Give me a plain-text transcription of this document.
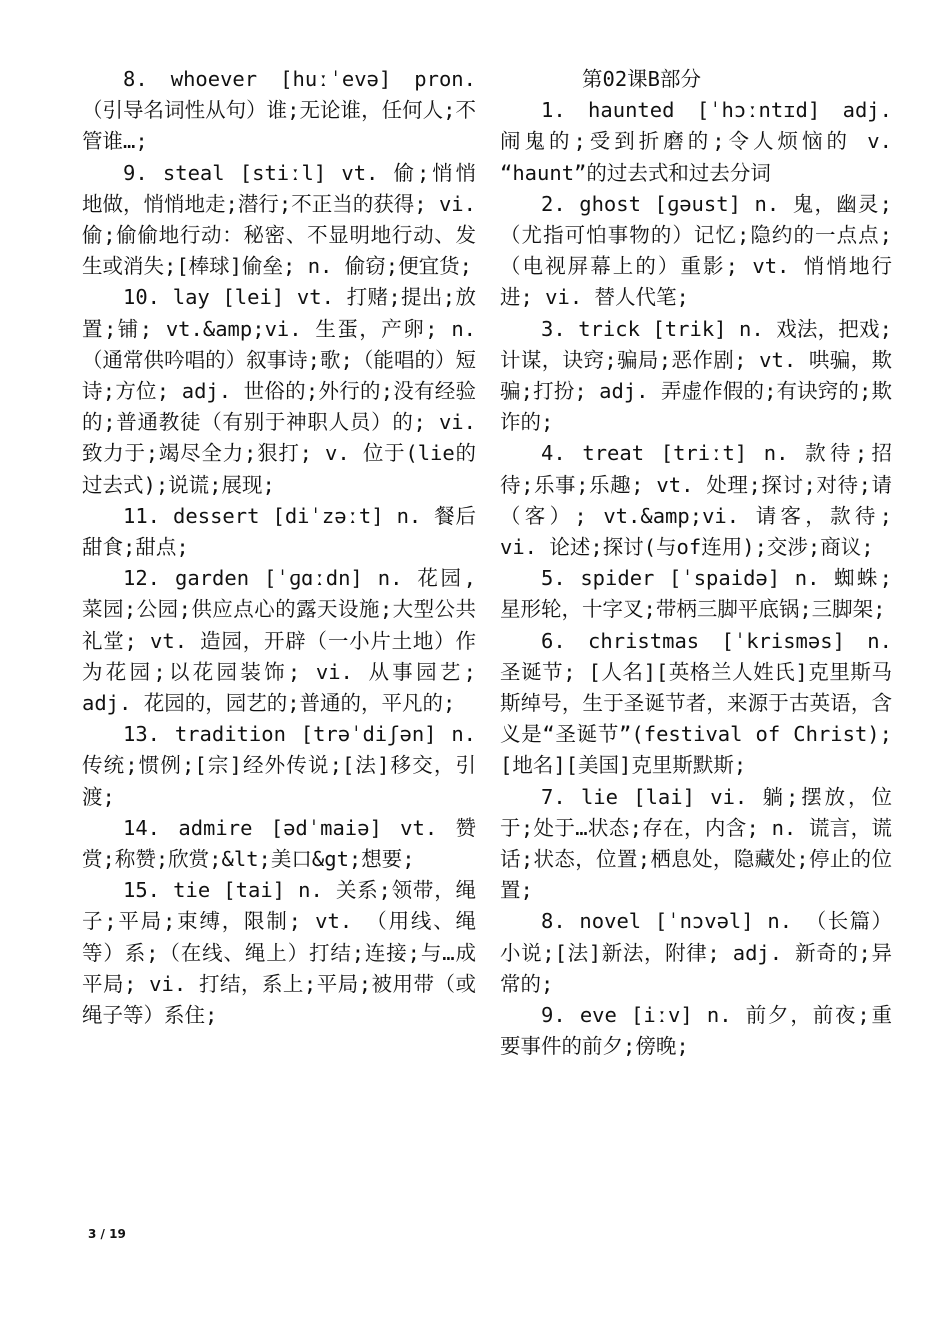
8. whoever [huːˈevə] pron. （引导名词性从句）谁;无论谁，任何人;不管谁…;

9. steal [stiːl] vt. 偷;悄悄地做，悄悄地走;潜行;不正当的获得; vi. 偷;偷偷地行动：秘密、不显明地行动、发生或消失;[棒球]偷垒; n. 偷窃;便宜货;

10. lay [lei] vt. 打赌;提出;放置;铺; vt.&amp;vi. 生蛋，产卵; n. （通常供吟唱的）叙事诗;歌;（能唱的）短诗;方位; adj. 世俗的;外行的;没有经验的;普通教徒（有别于神职人员）的; vi. 致力于;竭尽全力;狠打; v. 位于(lie的过去式);说谎;展现;

11. dessert [diˈzəːt] n. 餐后甜食;甜点;

12. garden [ˈɡɑːdn] n. 花园,菜园;公园;供应点心的露天设施;大型公共礼堂; vt. 造园，开辟（一小片土地）作为花园;以花园装饰; vi. 从事园艺; adj. 花园的，园艺的;普通的，平凡的;

13. tradition [trəˈdiʃən] n. 传统;惯例;[宗]经外传说;[法]移交，引渡;

14. admire [ədˈmaiə] vt. 赞赏;称赞;欣赏;&lt;美口&gt;想要;

15. tie [tai] n. 关系;领带，绳子;平局;束缚，限制; vt. （用线、绳等）系;（在线、绳上）打结;连接;与…成平局; vi. 打结，系上;平局;被用带（或绳子等）系住;

第02课B部分

1. haunted [ˈhɔːntɪd] adj. 闹鬼的;受到折磨的;令人烦恼的 v. “haunt”的过去式和过去分词

2. ghost [ɡəust] n. 鬼，幽灵;（尤指可怕事物的）记忆;隐约的一点点;（电视屏幕上的）重影; vt. 悄悄地行进; vi. 替人代笔;

3. trick [trik] n. 戏法，把戏;计谋，诀窍;骗局;恶作剧; vt. 哄骗，欺骗;打扮; adj. 弄虚作假的;有诀窍的;欺诈的;

4. treat [triːt] n. 款待;招待;乐事;乐趣; vt. 处理;探讨;对待;请（客）; vt.&amp;vi. 请客，款待; vi. 论述;探讨(与of连用);交涉;商议;

5. spider [ˈspaidə] n. 蜘蛛;星形轮，十字叉;带柄三脚平底锅;三脚架;

6. christmas [ˈkrisməs] n. 圣诞节; [人名][英格兰人姓氏]克里斯马斯绰号，生于圣诞节者，来源于古英语，含义是“圣诞节”(festival of Christ);[地名][美国]克里斯默斯;

7. lie [lai] vi. 躺;摆放，位于;处于…状态;存在，内含; n. 谎言，谎话;状态，位置;栖息处，隐藏处;停止的位置;

8. novel [ˈnɔvəl] n. （长篇）小说;[法]新法，附律; adj. 新奇的;异常的;

9. eve [iːv] n. 前夕，前夜;重要事件的前夕;傍晚;

3 / 19
